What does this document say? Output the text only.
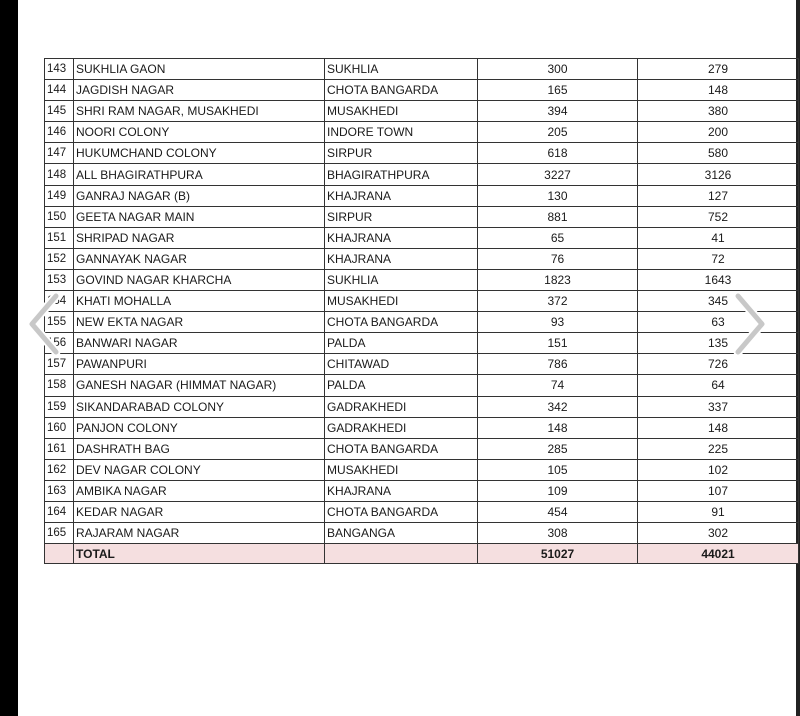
143	SUKHLIA GAON	SUKHLIA	300	279
144	JAGDISH NAGAR	CHOTA BANGARDA	165	148
145	SHRI RAM NAGAR, MUSAKHEDI	MUSAKHEDI	394	380
146	NOORI COLONY	INDORE TOWN	205	200
147	HUKUMCHAND COLONY	SIRPUR	618	580
148	ALL BHAGIRATHPURA	BHAGIRATHPURA	3227	3126
149	GANRAJ NAGAR (B)	KHAJRANA	130	127
150	GEETA NAGAR MAIN	SIRPUR	881	752
151	SHRIPAD NAGAR	KHAJRANA	65	41
152	GANNAYAK NAGAR	KHAJRANA	76	72
153	GOVIND NAGAR KHARCHA	SUKHLIA	1823	1643
154	KHATI MOHALLA	MUSAKHEDI	372	345
155	NEW EKTA NAGAR	CHOTA BANGARDA	93	63
156	BANWARI NAGAR	PALDA	151	135
157	PAWANPURI	CHITAWAD	786	726
158	GANESH NAGAR (HIMMAT NAGAR)	PALDA	74	64
159	SIKANDARABAD COLONY	GADRAKHEDI	342	337
160	PANJON COLONY	GADRAKHEDI	148	148
161	DASHRATH BAG	CHOTA BANGARDA	285	225
162	DEV NAGAR COLONY	MUSAKHEDI	105	102
163	AMBIKA NAGAR	KHAJRANA	109	107
164	KEDAR NAGAR	CHOTA BANGARDA	454	91
165	RAJARAM NAGAR	BANGANGA	308	302
	TOTAL		51027	44021
